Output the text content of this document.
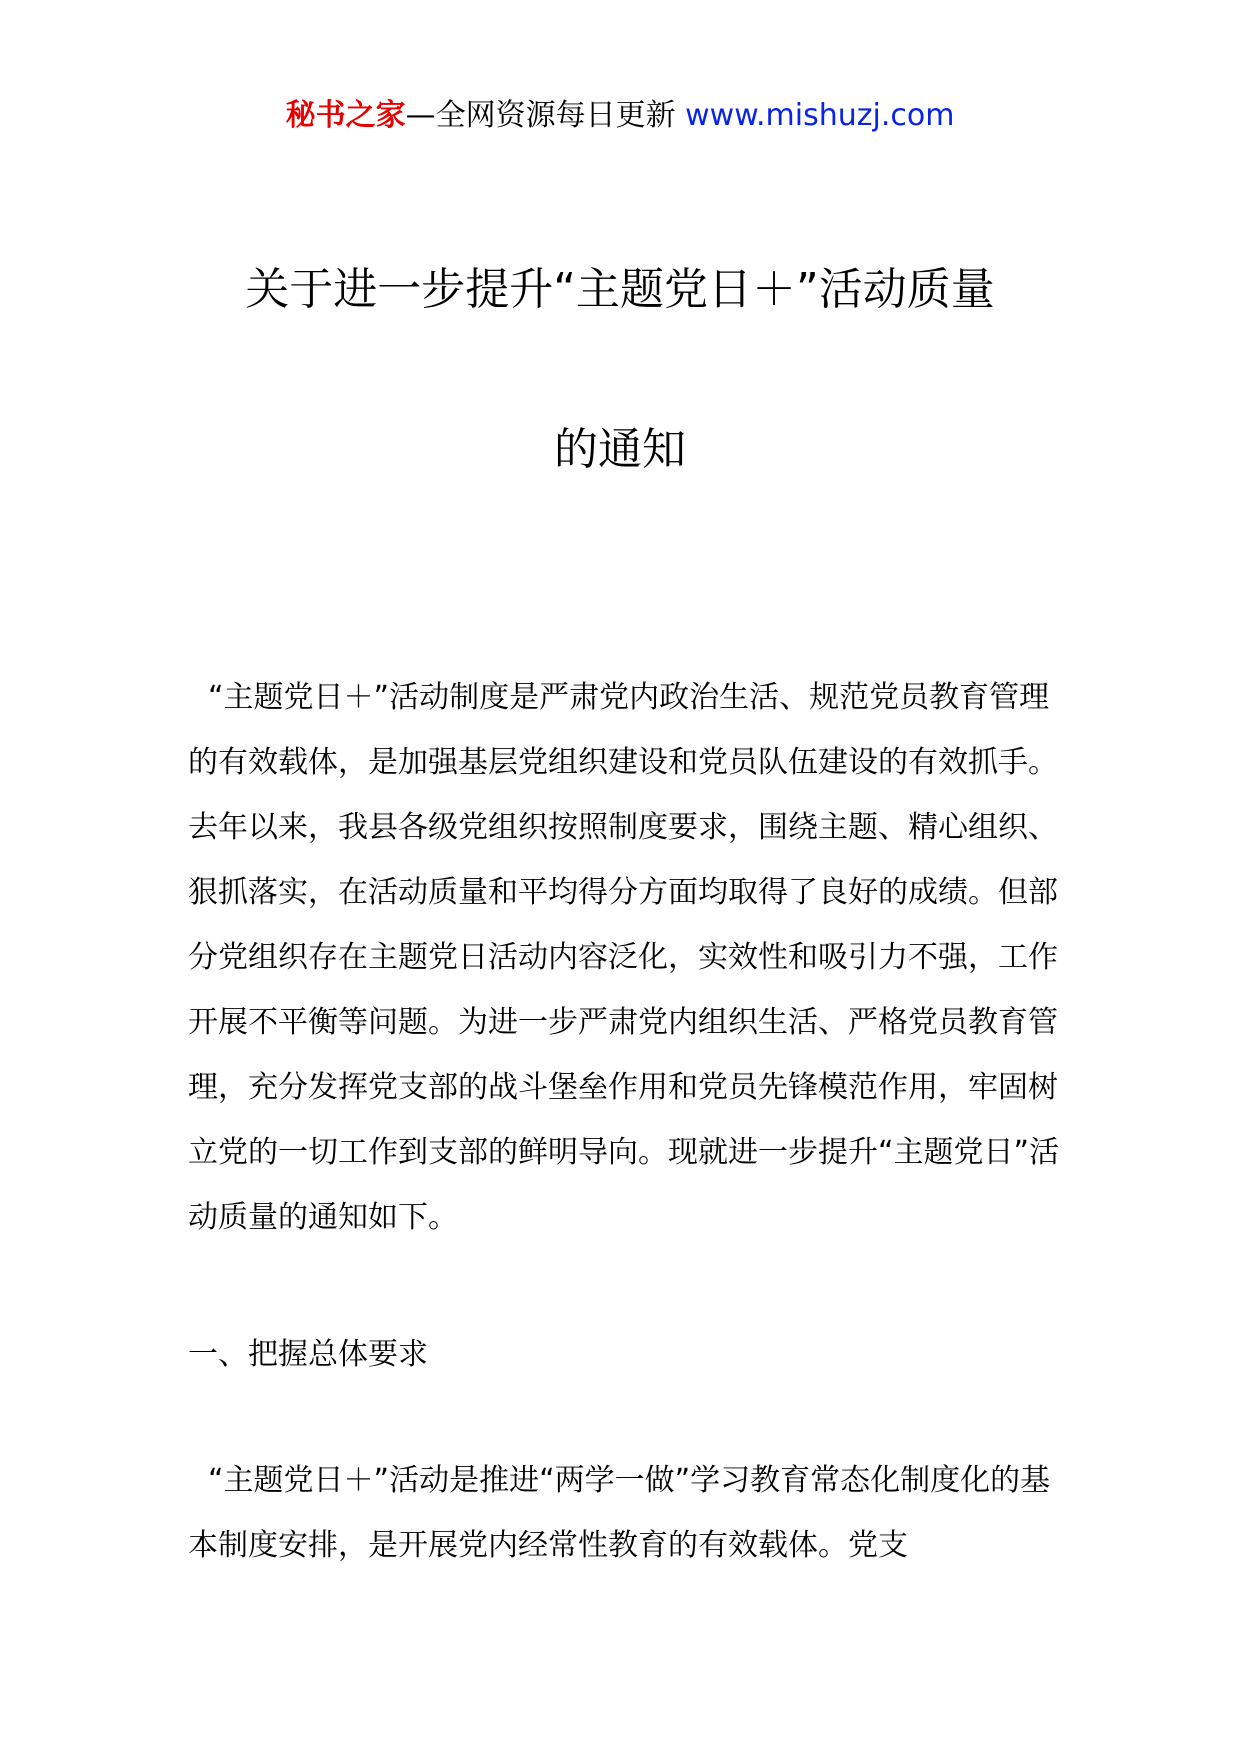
秘书之家—全网资源每日更新 www.mishuzj.com
关于进一步提升“主题党日＋”活动质量
的通知

“主题党日＋”活动制度是严肃党内政治生活、规范党员教育管理的有效载体，是加强基层党组织建设和党员队伍建设的有效抓手。去年以来，我县各级党组织按照制度要求，围绕主题、精心组织、狠抓落实，在活动质量和平均得分方面均取得了良好的成绩。但部分党组织存在主题党日活动内容泛化，实效性和吸引力不强，工作开展不平衡等问题。为进一步严肃党内组织生活、严格党员教育管理，充分发挥党支部的战斗堡垒作用和党员先锋模范作用，牢固树立党的一切工作到支部的鲜明导向。现就进一步提升“主题党日”活动质量的通知如下。

一、把握总体要求

“主题党日＋”活动是推进“两学一做”学习教育常态化制度化的基本制度安排，是开展党内经常性教育的有效载体。党支
